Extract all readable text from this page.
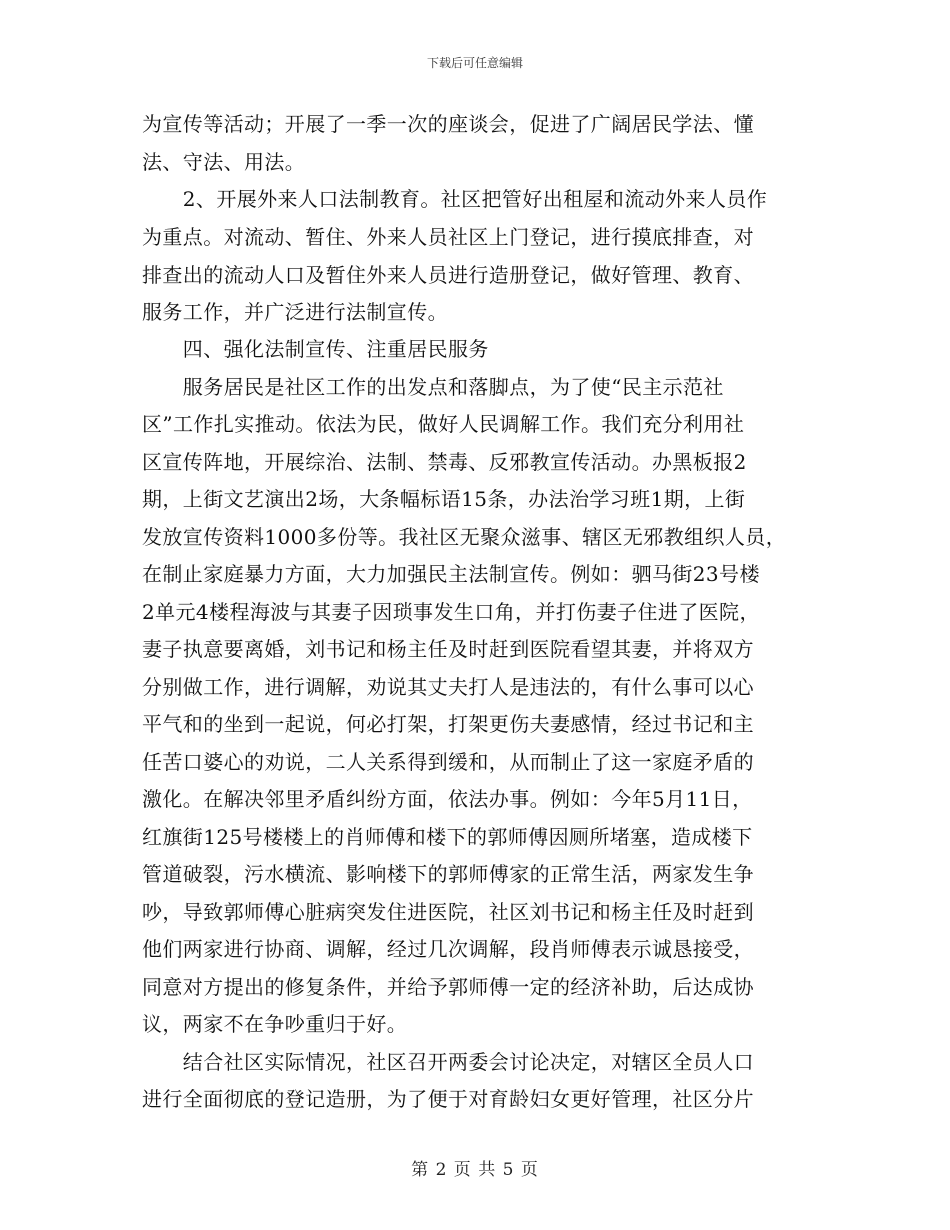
下载后可任意编辑
为宣传等活动；开展了一季一次的座谈会，促进了广阔居民学法、懂
法、守法、用法。
　　2、开展外来人口法制教育。社区把管好出租屋和流动外来人员作
为重点。对流动、暂住、外来人员社区上门登记，进行摸底排查，对
排查出的流动人口及暂住外来人员进行造册登记，做好管理、教育、
服务工作，并广泛进行法制宣传。
　　四、强化法制宣传、注重居民服务
　　服务居民是社区工作的出发点和落脚点，为了使“民主示范社
区”工作扎实推动。依法为民，做好人民调解工作。我们充分利用社
区宣传阵地，开展综治、法制、禁毒、反邪教宣传活动。办黑板报2
期，上街文艺演出2场，大条幅标语15条，办法治学习班1期，上街
发放宣传资料1000多份等。我社区无聚众滋事、辖区无邪教组织人员，
在制止家庭暴力方面，大力加强民主法制宣传。例如：驷马街23号楼
2单元4楼程海波与其妻子因琐事发生口角，并打伤妻子住进了医院，
妻子执意要离婚，刘书记和杨主任及时赶到医院看望其妻，并将双方
分别做工作，进行调解，劝说其丈夫打人是违法的，有什么事可以心
平气和的坐到一起说，何必打架，打架更伤夫妻感情，经过书记和主
任苦口婆心的劝说，二人关系得到缓和，从而制止了这一家庭矛盾的
激化。在解决邻里矛盾纠纷方面，依法办事。例如：今年5月11日，
红旗街125号楼楼上的肖师傅和楼下的郭师傅因厕所堵塞，造成楼下
管道破裂，污水横流、影响楼下的郭师傅家的正常生活，两家发生争
吵，导致郭师傅心脏病突发住进医院，社区刘书记和杨主任及时赶到
他们两家进行协商、调解，经过几次调解，段肖师傅表示诚恳接受，
同意对方提出的修复条件，并给予郭师傅一定的经济补助，后达成协
议，两家不在争吵重归于好。
　　结合社区实际情况，社区召开两委会讨论决定，对辖区全员人口
进行全面彻底的登记造册，为了便于对育龄妇女更好管理，社区分片
第 2 页 共 5 页
